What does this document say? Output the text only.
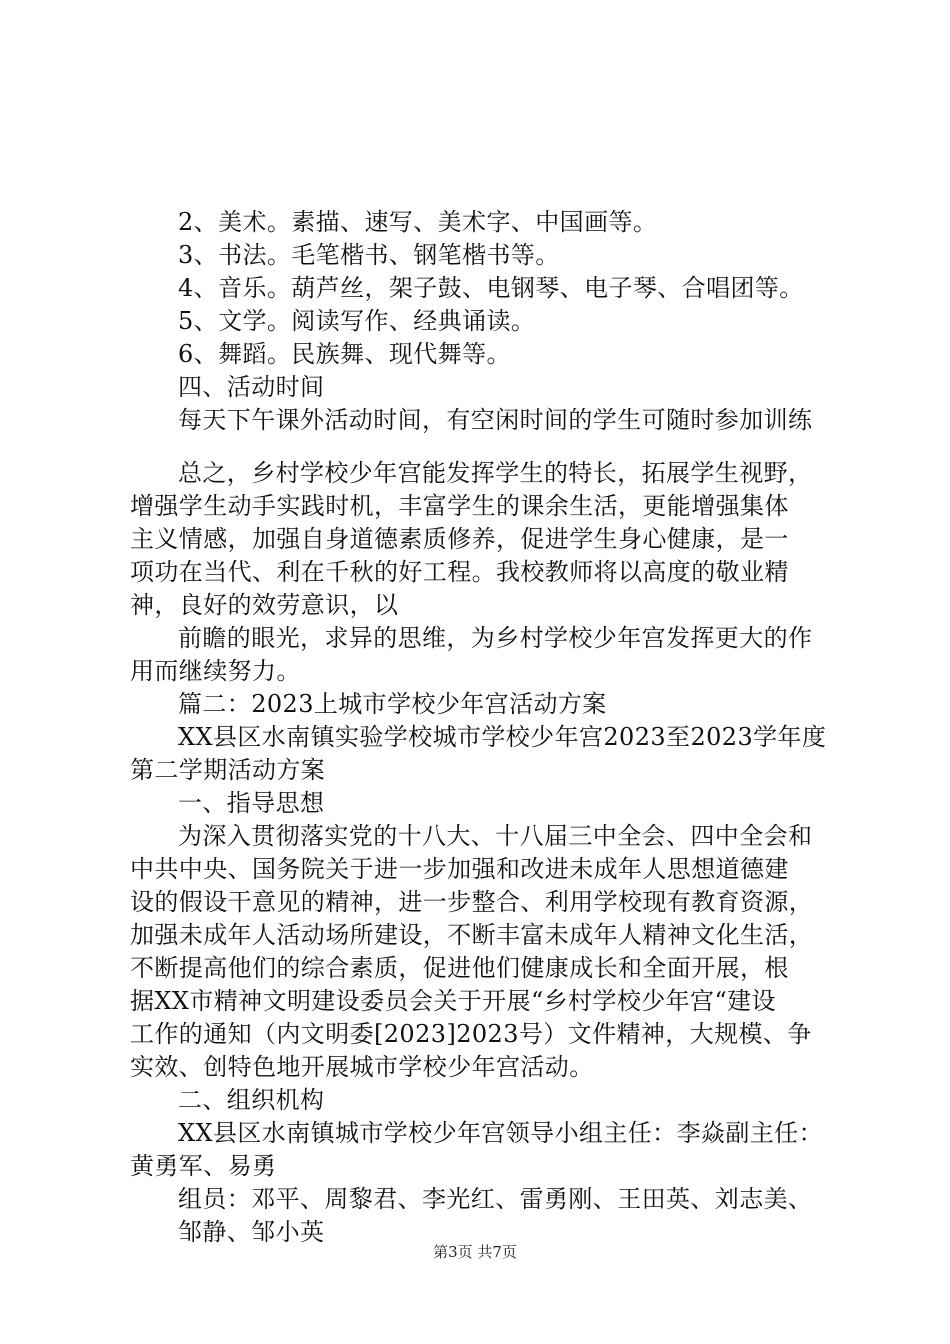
2、美术。素描、速写、美术字、中国画等。
3、书法。毛笔楷书、钢笔楷书等。
4、音乐。葫芦丝，架子鼓、电钢琴、电子琴、合唱团等。
5、文学。阅读写作、经典诵读。
6、舞蹈。民族舞、现代舞等。
四、活动时间
每天下午课外活动时间，有空闲时间的学生可随时参加训练
总之，乡村学校少年宫能发挥学生的特长，拓展学生视野，
增强学生动手实践时机，丰富学生的课余生活，更能增强集体
主义情感，加强自身道德素质修养，促进学生身心健康，是一
项功在当代、利在千秋的好工程。我校教师将以高度的敬业精
神，良好的效劳意识，以
前瞻的眼光，求异的思维，为乡村学校少年宫发挥更大的作
用而继续努力。
篇二：2023上城市学校少年宫活动方案
XX县区水南镇实验学校城市学校少年宫2023至2023学年度
第二学期活动方案
一、指导思想
为深入贯彻落实党的十八大、十八届三中全会、四中全会和
中共中央、国务院关于进一步加强和改进未成年人思想道德建
设的假设干意见的精神，进一步整合、利用学校现有教育资源，
加强未成年人活动场所建设，不断丰富未成年人精神文化生活，
不断提高他们的综合素质，促进他们健康成长和全面开展，根
据XX市精神文明建设委员会关于开展“乡村学校少年宫“建设
工作的通知（内文明委[2023]2023号）文件精神，大规模、争
实效、创特色地开展城市学校少年宫活动。
二、组织机构
XX县区水南镇城市学校少年宫领导小组主任：李焱副主任：
黄勇军、易勇
组员：邓平、周黎君、李光红、雷勇刚、王田英、刘志美、
邹静、邹小英
第3页 共7页
